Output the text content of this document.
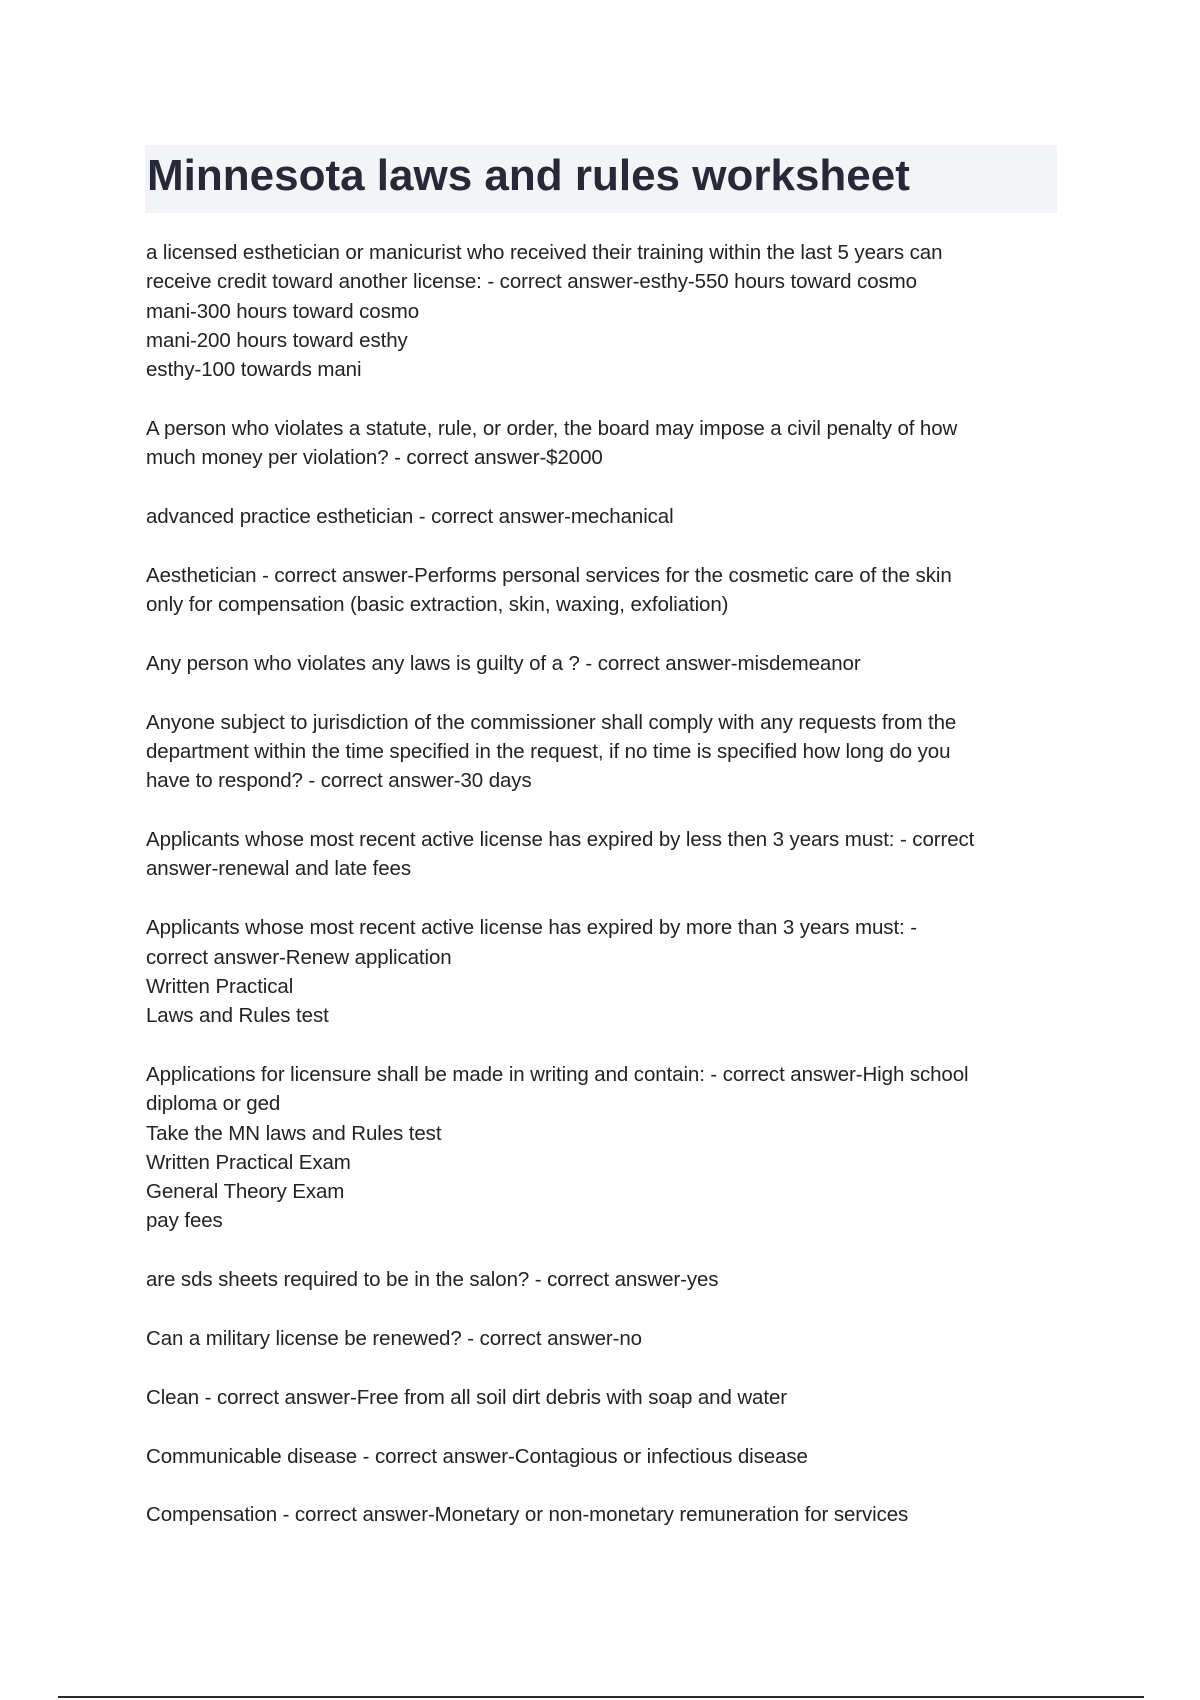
Minnesota laws and rules worksheet

a licensed esthetician or manicurist who received their training within the last 5 years can
receive credit toward another license: - correct answer-esthy-550 hours toward cosmo
mani-300 hours toward cosmo
mani-200 hours toward esthy
esthy-100 towards mani

A person who violates a statute, rule, or order, the board may impose a civil penalty of how
much money per violation? - correct answer-$2000

advanced practice esthetician - correct answer-mechanical

Aesthetician - correct answer-Performs personal services for the cosmetic care of the skin
only for compensation (basic extraction, skin, waxing, exfoliation)

Any person who violates any laws is guilty of a ? - correct answer-misdemeanor

Anyone subject to jurisdiction of the commissioner shall comply with any requests from the
department within the time specified in the request, if no time is specified how long do you
have to respond? - correct answer-30 days

Applicants whose most recent active license has expired by less then 3 years must: - correct
answer-renewal and late fees

Applicants whose most recent active license has expired by more than 3 years must: -
correct answer-Renew application
Written Practical
Laws and Rules test

Applications for licensure shall be made in writing and contain: - correct answer-High school
diploma or ged
Take the MN laws and Rules test
Written Practical Exam
General Theory Exam
pay fees

are sds sheets required to be in the salon? - correct answer-yes

Can a military license be renewed? - correct answer-no

Clean - correct answer-Free from all soil dirt debris with soap and water

Communicable disease - correct answer-Contagious or infectious disease

Compensation - correct answer-Monetary or non-monetary remuneration for services
